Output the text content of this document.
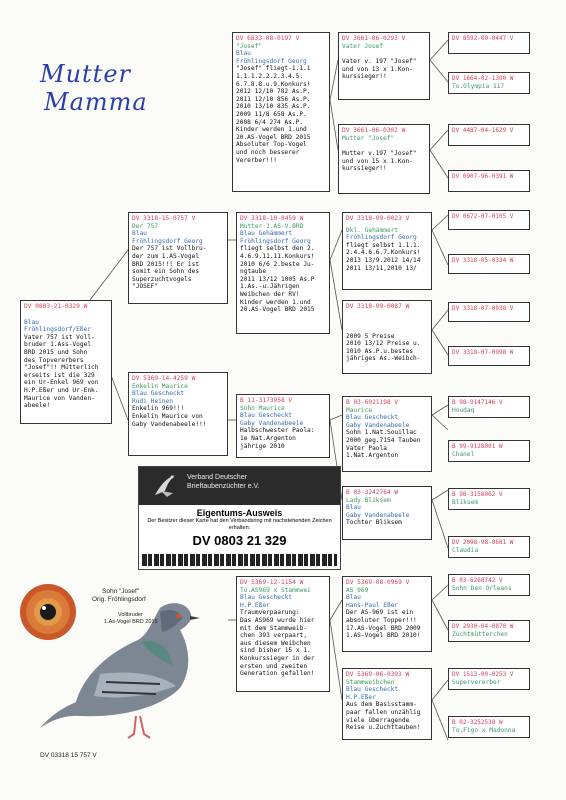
Mutter
Mamma
DV 6833-08-0197 V
"Josef"
Blau
Fröhlingsdorf Georg
"Josef" fliegt-1.1.1
1.1.1.2.2.2.3.4.5.
6.7.8.8.u.9.Konkurs!
2012 12/10 782 As.P.
2011 12/10 856 As.P.
2010 13/10 835 As.P.
2009 11/8 658 As.P.
2008 6/4 274 As.P.
Kinder werden 1.und
20.AS-Vogel BRD 2015
Absoluter Top-Vogel
und noch besserer
Vererber!!!
DV 3661-06-0293 V
Vater Josef
Vater v. 197 "Josef"
und von 13 x 1.Kon-
kurssieger!!
DV 3661-06-0302 W
Mutter "Josef"
Mutter v.197 "Josef"
und von 15 x 1.Kon-
kurssieger!!
DV 8592-00-0447 V
DV 1664-02-1300 W
To.Olympia 117
DV 4487-04-1629 V
DV 0907-96-0391 W
DV 0803-21-0329 W
Blau
Fröhlingsdorf/Eßer
Vater 757 ist Voll-
bruder 1.Ass-Vogel
BRD 2015 und Sohn
des Topvererbers
"Josef"!! Mütterlich
erseits ist die 329
ein Ur-Enkel 969 von
H.P.Eßer und Ur-Enk.
Maurice von Vanden-
abeele!
DV 3318-15-0757 V
Der 757
Blau
Fröhlingsdorf Georg
Der 757 ist Vollbru-
der zum 1.AS-Vogel
BRD 2015!!! Er ist
somit ein Sohn des
Superzuchtvogels
"JOSEF"
DV 3318-10-0459 W
Mutter 1.AS-V.BRD
Blau Gehämmert
Fröhlingsdorf Georg
fliegt selbst den 2.
4.6.9.11.11.Konkurs!
2010 6/6 2.beste Ju-
ngtaube
2011 13/12 1005 As.P
1.As.-u.Jährigen
Weibchen der RV!
Kinder werden 1.und
20.AS-Vogel BRD 2015
DV 3318-09-0023 V
Dkl. Gehämmert
Fröhlingsdorf Georg
fliegt selbst 1.1.1.
2.4.4.6.6.7.Konkurs!
2013 13/9.2012 14/14
2011 13/11,2010 13/
DV 3318-09-0087 W
2009 5 Preise
2010 13/12 Preise u.
1010 As.P.u.bestes
jähriges As.-Weibch-
DV 0672-07-0105 V
DV 3318-05-0334 W
DV 3318-07-0938 V
DV 3318-07-0998 W
DV 5369-14-4259 W
Enkelin Maurice
Blau Gescheckt
Rudi Heinen
Enkelin 969!!!
Enkelin Maurice von
Gaby Vandenabeele!!!
B 11-3173958 V
Sohn Maurice
Blau Gescheckt
Gaby Vandenabeele
Halbschwester Paola:
1e Nat.Argenton
jährige 2010
B 03-6021198 V
Maurice
Blau Gescheckt
Gaby Vandenabeele
Sohn 1.Nat.Souillac
2000 geg.7154 Tauben
Vater Paola
1.Nat.Argenton
B 03-3242764 W
Lady Bliksem
Blau
Gaby Vandenabeele
Tochter Bliksem
B 98-9147146 V
Houdaq
B 99-9128001 W
Chanel
B 98-3158062 V
Bliksem
DV 2098-98-0681 W
Claudia
DV 5369-12-1154 W
To.AS969 x Stammwei
Blau Gescheckt
H.P.Eßer
Traumverpaarung:
Das AS969 wurde hier
mit dem Stammweib-
chen 393 verpaart,
aus diesem Weibchen
sind bisher 15 x 1.
Konkurssieger in der
ersten und zweiten
Generation gefallen!
DV 5369-08-0969 V
AS 969
Blau
Hans-Paul Eßer
Der AS-969 ist ein
absoluter Topper!!!
17.AS-Vogel BRD 2009
1.AS-Vogel BRD 2010!
DV 5369-06-0393 W
Stammweibchen
Blau Gescheckt
H.P.Eßer
Aus dem Basisstamm-
paar fallen unzählig
viele überragende
Reise u.Zuchttauben!
B 03-6268742 V
Sohn Den Orleans
DV 2930-04-0870 W
Zuchtmütterchen
DV 1513-00-0253 V
Supervererber
B 02-3252538 W
To.Figo x Madonna
Verband Deutscher
Brieftaubenzüchter e.V.
Eigentums-Ausweis
Der Besitzer dieser Karte hat den Verbandsring mit nachstehenden Zeichen erhalten:
DV 0803 21 329
Sohn "Josef"
Orig. Fröhlingsdorf
Vollbruder
1.As-Vogel BRD 2015
DV 03318 15 757 V
